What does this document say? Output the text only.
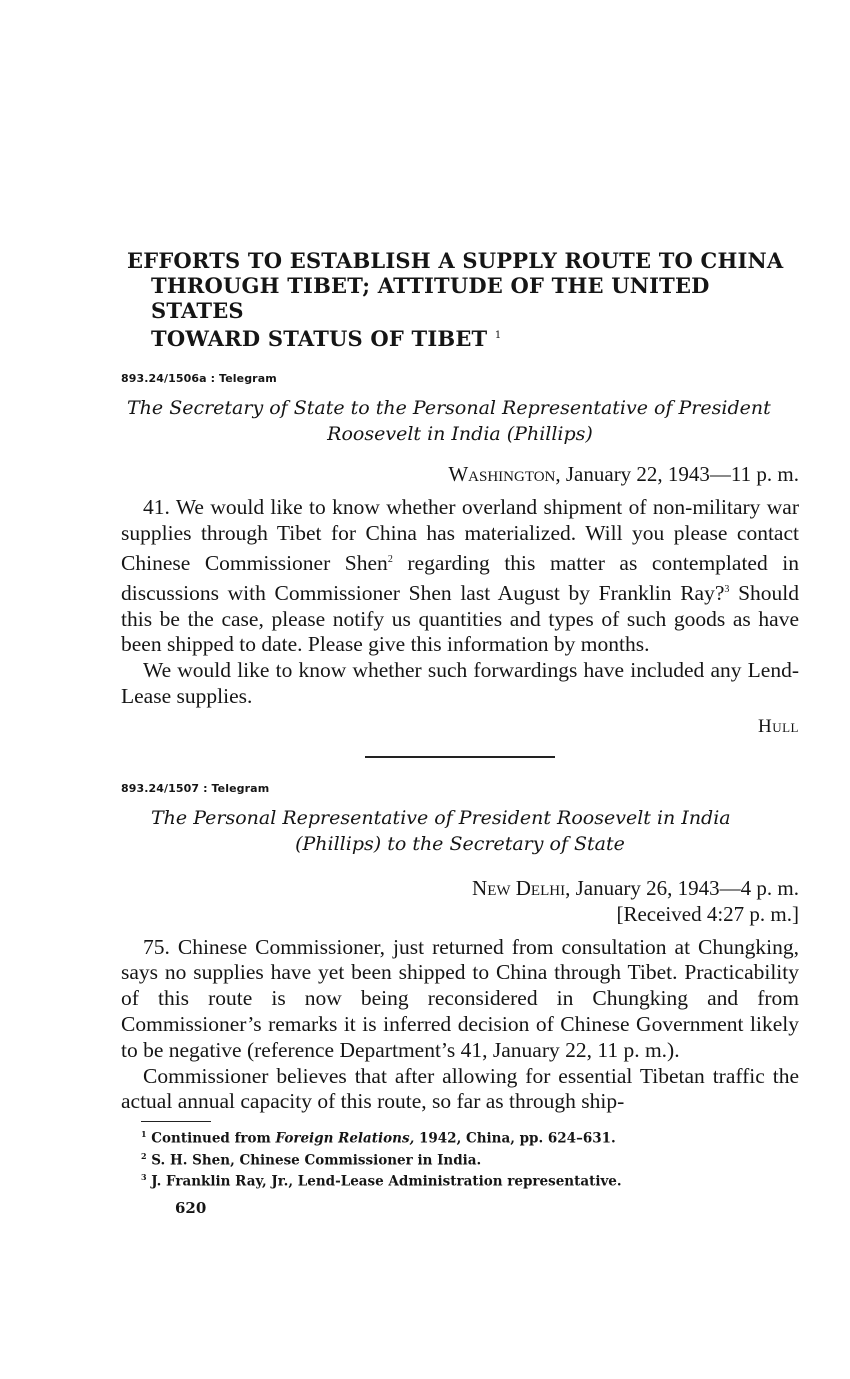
EFFORTS TO ESTABLISH A SUPPLY ROUTE TO CHINA
THROUGH TIBET; ATTITUDE OF THE UNITED STATES
TOWARD STATUS OF TIBET $^1$
893.24/1506a : Telegram
The Secretary of State to the Personal Representative of President
Roosevelt in India (Phillips)
Washington, January 22, 1943—11 p. m.

41. We would like to know whether overland shipment of non-military war supplies through Tibet for China has materialized. Will you please contact Chinese Commissioner Shen$^2$ regarding this matter as contemplated in discussions with Commissioner Shen last August by Franklin Ray?$^3$ Should this be the case, please notify us quantities and types of such goods as have been shipped to date. Please give this information by months.

We would like to know whether such forwardings have included any Lend-Lease supplies.

Hull
893.24/1507 : Telegram
The Personal Representative of President Roosevelt in India
(Phillips) to the Secretary of State
New Delhi, January 26, 1943—4 p. m.
[Received 4:27 p. m.]

75. Chinese Commissioner, just returned from consultation at Chungking, says no supplies have yet been shipped to China through Tibet. Practicability of this route is now being reconsidered in Chungking and from Commissioner’s remarks it is inferred decision of Chinese Government likely to be negative (reference Department’s 41, January 22, 11 p. m.).

Commissioner believes that after allowing for essential Tibetan traffic the actual annual capacity of this route, so far as through ship-

$^1$ Continued from Foreign Relations, 1942, China, pp. 624–631.
$^2$ S. H. Shen, Chinese Commissioner in India.
$^3$ J. Franklin Ray, Jr., Lend-Lease Administration representative.
620
